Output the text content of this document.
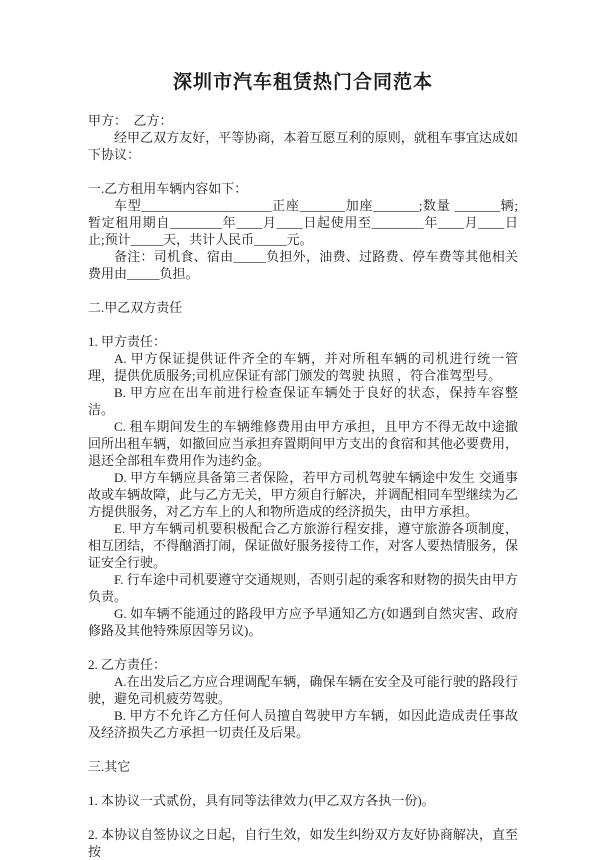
深圳市汽车租赁热门合同范本

甲方：　乙方：

经甲乙双方友好，平等协商，本着互愿互利的原则，就租车事宜达成如下协议：

一.乙方租用车辆内容如下：

车型____________________正座_______加座_______;数量 _______辆;暂定租用期自________年____月____日起使用至________年____月____日止;预计_____天，共计人民币_____元。

备注：司机食、宿由_____负担外，油费、过路费、停车费等其他相关费用由_____负担。

二.甲乙双方责任

1. 甲方责任：

A. 甲方保证提供证件齐全的车辆，并对所租车辆的司机进行统一管理，提供优质服务;司机应保证有部门颁发的驾驶 执照 ，符合准驾型号。

B. 甲方应在出车前进行检查保证车辆处于良好的状态，保持车容整洁。

C. 租车期间发生的车辆维修费用由甲方承担，且甲方不得无故中途撤回所出租车辆，如撤回应当承担弃置期间甲方支出的食宿和其他必要费用，退还全部租车费用作为违约金。

D. 甲方车辆应具备第三者保险，若甲方司机驾驶车辆途中发生 交通事故或车辆故障，此与乙方无关，甲方须自行解决，并调配相同车型继续为乙方提供服务，对乙方车上的人和物所造成的经济损失，由甲方承担。

E. 甲方车辆司机要积极配合乙方旅游行程安排，遵守旅游各项制度，相互团结，不得酗酒打闹，保证做好服务接待工作，对客人要热情服务，保证安全行驶。

F. 行车途中司机要遵守交通规则，否则引起的乘客和财物的损失由甲方负责。

G. 如车辆不能通过的路段甲方应予早通知乙方(如遇到自然灾害、政府修路及其他特殊原因等另议)。

2. 乙方责任：

A.在出发后乙方应合理调配车辆，确保车辆在安全及可能行驶的路段行驶，避免司机疲劳驾驶。

B. 甲方不允许乙方任何人员擅自驾驶甲方车辆，如因此造成责任事故及经济损失乙方承担一切责任及后果。

三.其它

1. 本协议一式贰份，具有同等法律效力(甲乙双方各执一份)。

2. 本协议自签协议之日起，自行生效，如发生纠纷双方友好协商解决，直至按
